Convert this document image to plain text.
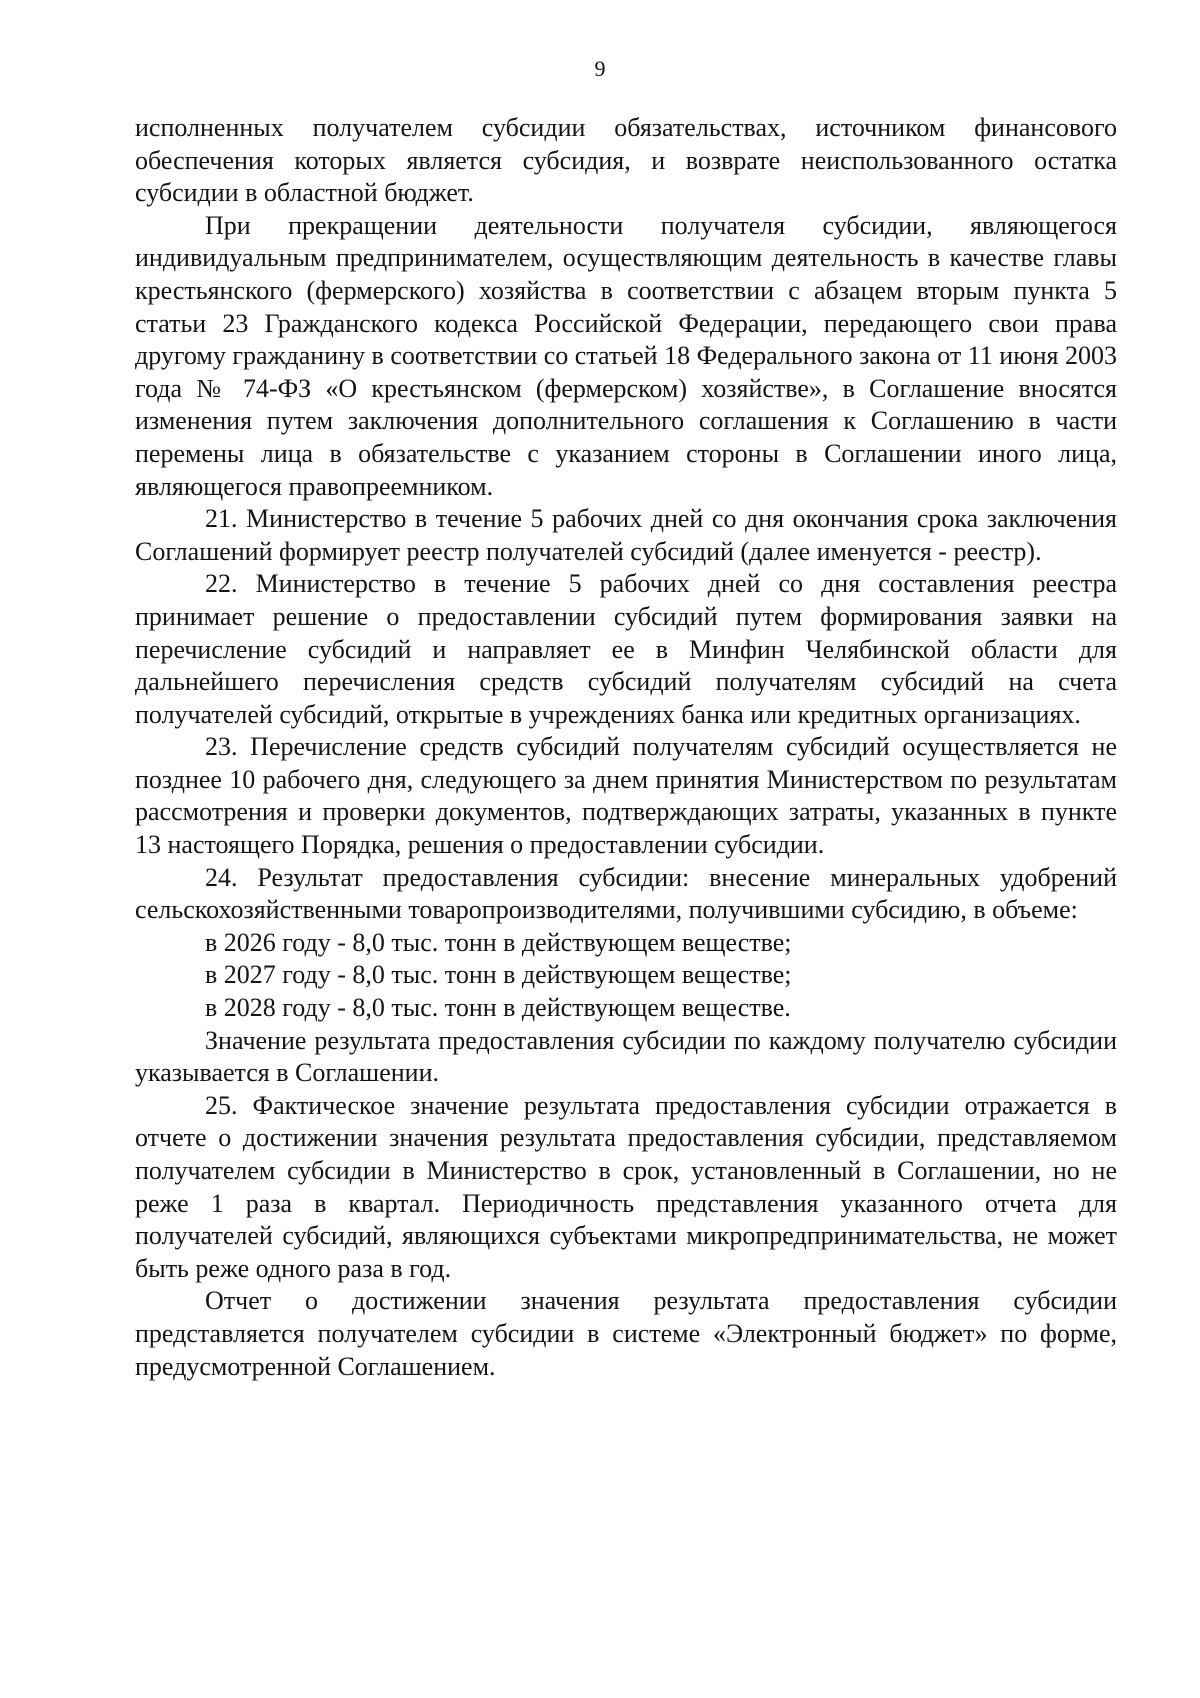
9

исполненных получателем субсидии обязательствах, источником финансового обеспечения которых является субсидия, и возврате неиспользованного остатка субсидии в областной бюджет.

При прекращении деятельности получателя субсидии, являющегося индивидуальным предпринимателем, осуществляющим деятельность в качестве главы крестьянского (фермерского) хозяйства в соответствии с абзацем вторым пункта 5 статьи 23 Гражданского кодекса Российской Федерации, передающего свои права другому гражданину в соответствии со статьей 18 Федерального закона от 11 июня 2003 года № 74-ФЗ «О крестьянском (фермерском) хозяйстве», в Соглашение вносятся изменения путем заключения дополнительного соглашения к Соглашению в части перемены лица в обязательстве с указанием стороны в Соглашении иного лица, являющегося правопреемником.

21. Министерство в течение 5 рабочих дней со дня окончания срока заключения Соглашений формирует реестр получателей субсидий (далее именуется - реестр).

22. Министерство в течение 5 рабочих дней со дня составления реестра принимает решение о предоставлении субсидий путем формирования заявки на перечисление субсидий и направляет ее в Минфин Челябинской области для дальнейшего перечисления средств субсидий получателям субсидий на счета получателей субсидий, открытые в учреждениях банка или кредитных организациях.

23. Перечисление средств субсидий получателям субсидий осуществляется не позднее 10 рабочего дня, следующего за днем принятия Министерством по результатам рассмотрения и проверки документов, подтверждающих затраты, указанных в пункте 13 настоящего Порядка, решения о предоставлении субсидии.

24. Результат предоставления субсидии: внесение минеральных удобрений сельскохозяйственными товаропроизводителями, получившими субсидию, в объеме:

в 2026 году - 8,0 тыс. тонн в действующем веществе;

в 2027 году - 8,0 тыс. тонн в действующем веществе;

в 2028 году - 8,0 тыс. тонн в действующем веществе.

Значение результата предоставления субсидии по каждому получателю субсидии указывается в Соглашении.

25. Фактическое значение результата предоставления субсидии отражается в отчете о достижении значения результата предоставления субсидии, представляемом получателем субсидии в Министерство в срок, установленный в Соглашении, но не реже 1 раза в квартал. Периодичность представления указанного отчета для получателей субсидий, являющихся субъектами микропредпринимательства, не может быть реже одного раза в год.

Отчет о достижении значения результата предоставления субсидии представляется получателем субсидии в системе «Электронный бюджет» по форме, предусмотренной Соглашением.
